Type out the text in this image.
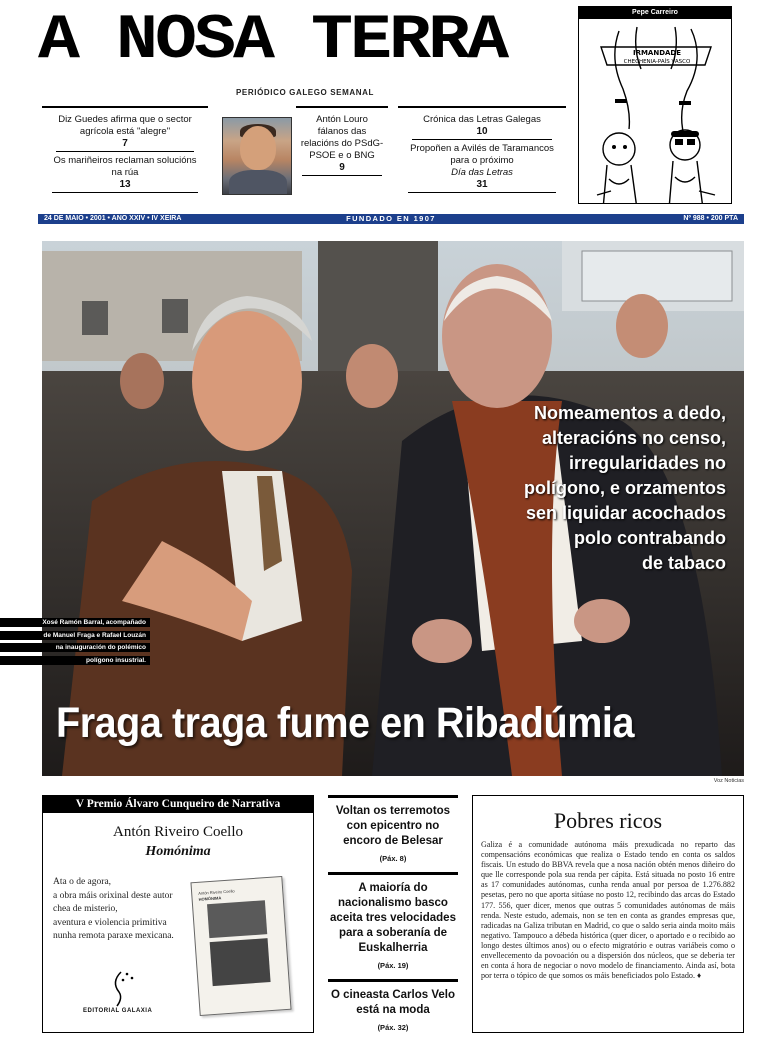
A NOSA TERRA
PERIÓDICO GALEGO SEMANAL
Diz Guedes afirma que o sector agrícola está "alegre"
7
Os mariñeiros reclaman solucións na rúa
13
Antón Louro fálanos das relacións do PSdG-PSOE e o BNG
9
Crónica das Letras Galegas
10
Propoñen a Avilés de Taramancos para o próximo
Día das Letras
31
Pepe Carreiro
IRMANDADE
CHECHENIA-PAÍS VASCO
24 DE MAIO • 2001 • ANO XXIV • IV XEIRA	FUNDADO EN 1907	Nº 988 • 200 PTA
Nomeamentos a dedo,
alteracións no censo,
irregularidades no
polígono, e orzamentos
sen liquidar acochados
polo contrabando
de tabaco
Fraga traga fume en Ribadúmia
Xosé Ramón Barral, acompañado
de Manuel Fraga e Rafael Louzán
na inauguración do polémico
polígono insustrial.
Voz Noticias
V Premio Álvaro Cunqueiro de Narrativa
Antón Riveiro Coello
Homónima
Ata o de agora,
a obra máis orixinal deste autor
chea de misterio,
aventura e violencia primitiva
nunha remota paraxe mexicana.
Antón Riveiro Coello
HOMÓNIMA
EDITORIAL GALAXIA
Voltan os terremotos con epicentro no encoro de Belesar
(Páx. 8)
A maioría do nacionalismo basco aceita tres velocidades para a soberanía de Euskalherria
(Páx. 19)
O cineasta Carlos Velo está na moda
(Páx. 32)
Pobres ricos
Galiza é a comunidade autónoma máis prexudicada no reparto das compensacións económicas que realiza o Estado tendo en conta os saldos fiscais. Un estudo do BBVA revela que a nosa nación obtén menos diñeiro do que lle corresponde pola sua renda per cápita. Está situada no posto 16 entre as 17 comunidades autónomas, cunha renda anual por persoa de 1.276.882 pesetas, pero no que aporta sitúase no posto 12, recibindo das arcas do Estado 177. 556, quer dicer, menos que outras 5 comunidades autónomas de máis renda. Neste estudo, ademais, non se ten en conta as grandes empresas que, radicadas na Galiza tributan en Madrid, co que o saldo seria ainda moito máis negativo. Tampouco a débeda histórica (quer dicer, o aportado e o recibido ao longo destes últimos anos) ou o efecto migratório e outras variábeis como o envellecemento da povoación ou a dispersión dos núcleos, que se deberia ter en conta á hora de negociar o novo modelo de financiamento. Ainda así, bota por terra o tópico de que somos os máis beneficiados polo Estado. ♦
